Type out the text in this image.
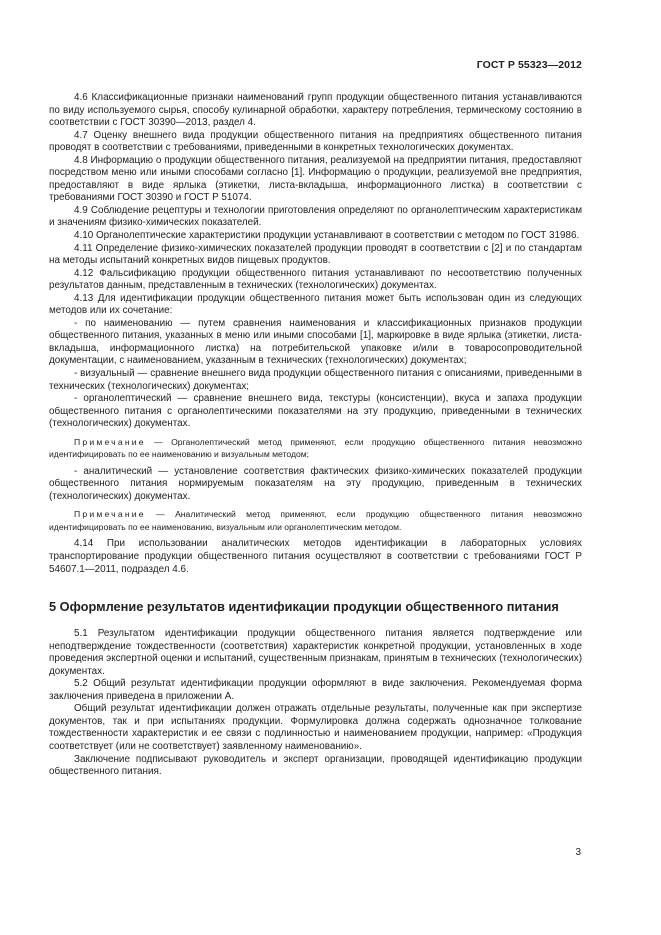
ГОСТ Р 55323—2012

4.6 Классификационные признаки наименований групп продукции общественного питания устанавливаются по виду используемого сырья, способу кулинарной обработки, характеру потребления, термическому состоянию в соответствии с ГОСТ 30390—2013, раздел 4.

4.7 Оценку внешнего вида продукции общественного питания на предприятиях общественного питания проводят в соответствии с требованиями, приведенными в конкретных технологических документах.

4.8 Информацию о продукции общественного питания, реализуемой на предприятии питания, предоставляют посредством меню или иными способами согласно [1]. Информацию о продукции, реализуемой вне предприятия, предоставляют в виде ярлыка (этикетки, листа-вкладыша, информационного листка) в соответствии с требованиями ГОСТ 30390 и ГОСТ Р 51074.

4.9 Соблюдение рецептуры и технологии приготовления определяют по органолептическим характеристикам и значениям физико-химических показателей.

4.10 Органолептические характеристики продукции устанавливают в соответствии с методом по ГОСТ 31986.

4.11 Определение физико-химических показателей продукции проводят в соответствии с [2] и по стандартам на методы испытаний конкретных видов пищевых продуктов.

4.12 Фальсификацию продукции общественного питания устанавливают по несоответствию полученных результатов данным, представленным в технических (технологических) документах.

4.13 Для идентификации продукции общественного питания может быть использован один из следующих методов или их сочетание:

- по наименованию — путем сравнения наименования и классификационных признаков продукции общественного питания, указанных в меню или иными способами [1], маркировке в виде ярлыка (этикетки, листа-вкладыша, информационного листка) на потребительской упаковке и/или в товаросопроводительной документации, с наименованием, указанным в технических (технологических) документах;

- визуальный — сравнение внешнего вида продукции общественного питания с описаниями, приведенными в технических (технологических) документах;

- органолептический — сравнение внешнего вида, текстуры (консистенции), вкуса и запаха продукции общественного питания с органолептическими показателями на эту продукцию, приведенными в технических (технологических) документах.

Примечание — Органолептический метод применяют, если продукцию общественного питания невозможно идентифицировать по ее наименованию и визуальным методом;

- аналитический — установление соответствия фактических физико-химических показателей продукции общественного питания нормируемым показателям на эту продукцию, приведенным в технических (технологических) документах.

Примечание — Аналитический метод применяют, если продукцию общественного питания невозможно идентифицировать по ее наименованию, визуальным или органолептическим методом.

4.14 При использовании аналитических методов идентификации в лабораторных условиях транспортирование продукции общественного питания осуществляют в соответствии с требованиями ГОСТ Р 54607.1—2011, подраздел 4.6.

5 Оформление результатов идентификации продукции общественного питания

5.1 Результатом идентификации продукции общественного питания является подтверждение или неподтверждение тождественности (соответствия) характеристик конкретной продукции, установленных в ходе проведения экспертной оценки и испытаний, существенным признакам, принятым в технических (технологических) документах.

5.2 Общий результат идентификации продукции оформляют в виде заключения. Рекомендуемая форма заключения приведена в приложении А.

Общий результат идентификации должен отражать отдельные результаты, полученные как при экспертизе документов, так и при испытаниях продукции. Формулировка должна содержать однозначное толкование тождественности характеристик и ее связи с подлинностью и наименованием продукции, например: «Продукция соответствует (или не соответствует) заявленному наименованию».

Заключение подписывают руководитель и эксперт организации, проводящей идентификацию продукции общественного питания.

3
